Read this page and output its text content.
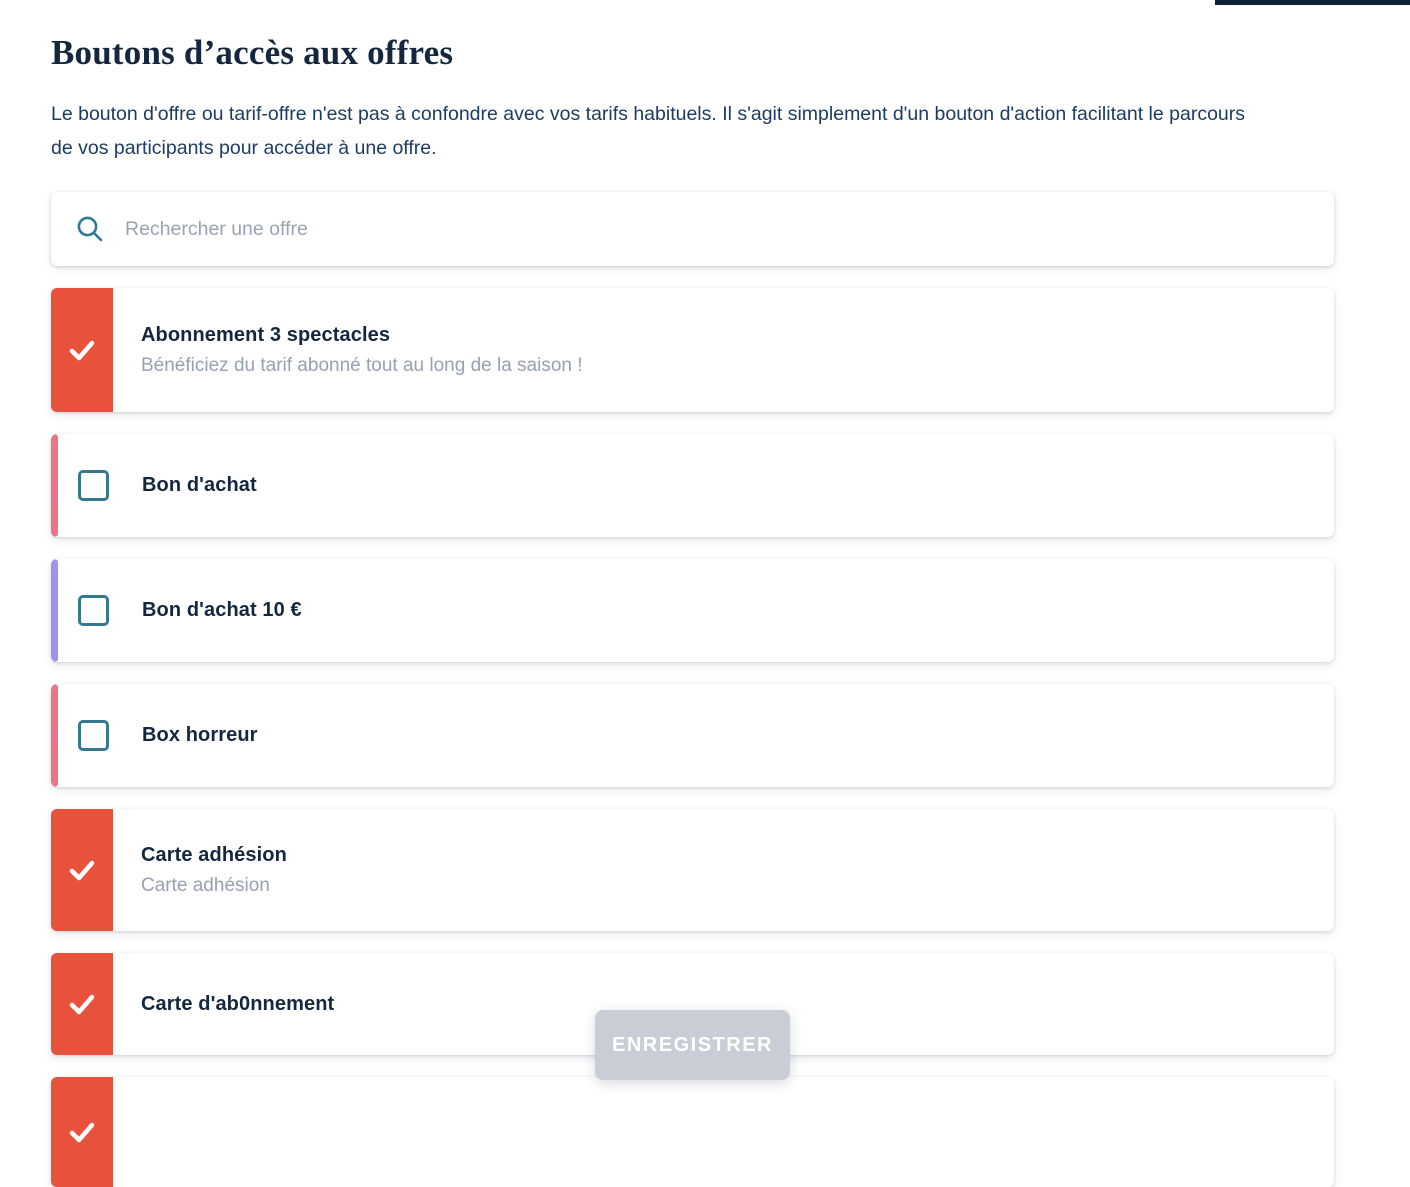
Boutons d’accès aux offres

Le bouton d'offre ou tarif-offre n'est pas à confondre avec vos tarifs habituels. Il s'agit simplement d'un bouton d'action facilitant le parcours de vos participants pour accéder à une offre.

Rechercher une offre
Abonnement 3 spectacles
Bénéficiez du tarif abonné tout au long de la saison !
Bon d'achat
Bon d'achat 10 €
Box horreur
Carte adhésion
Carte adhésion
Carte d'ab0nnement
ENREGISTRER
